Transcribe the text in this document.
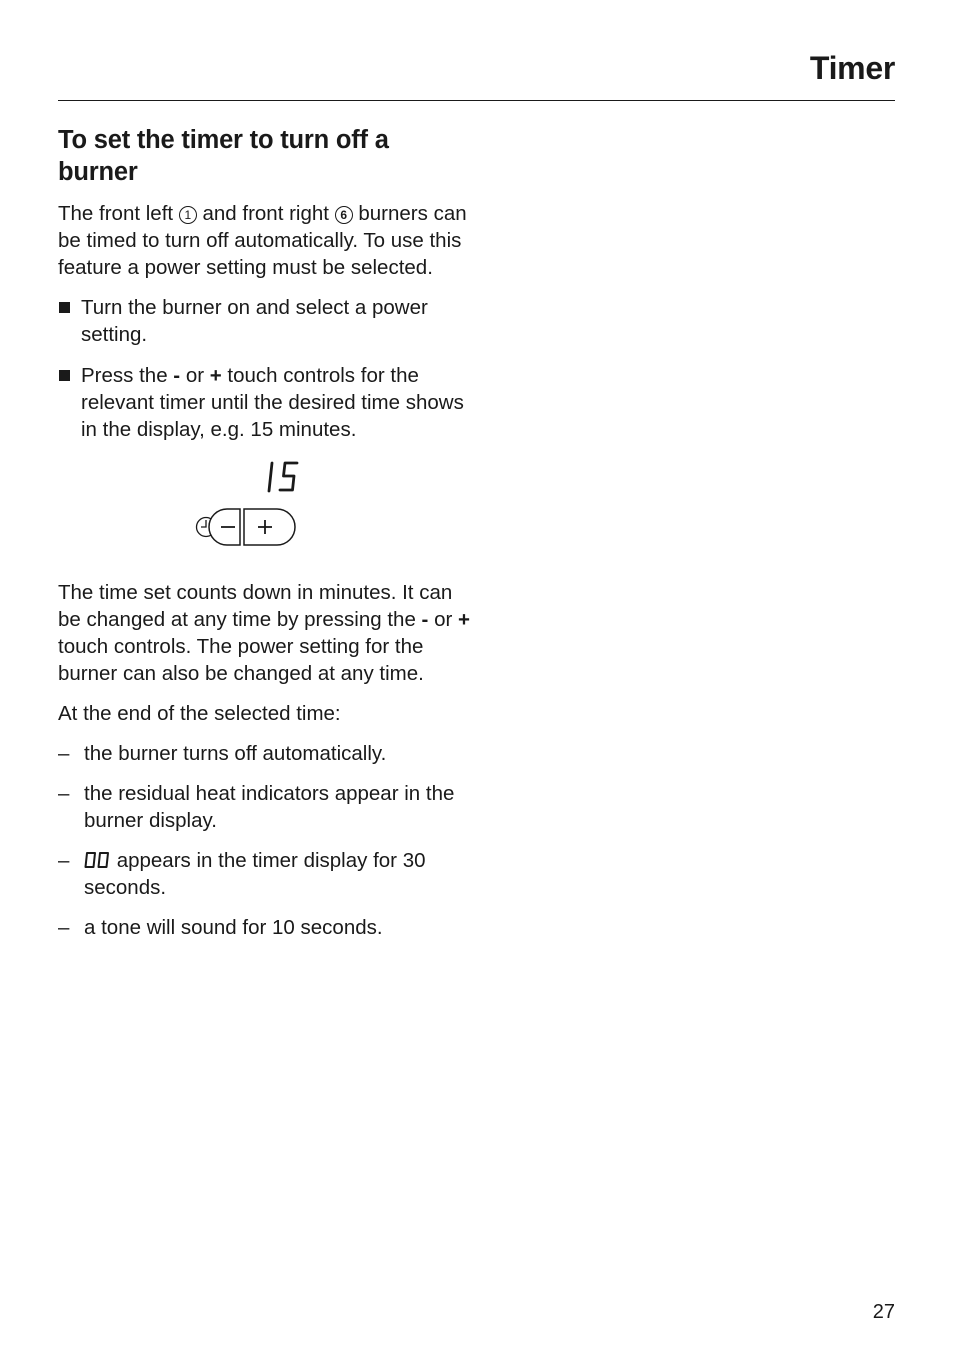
Timer
To set the timer to turn off a burner

The front left 1 and front right 6 burners can be timed to turn off automatically. To use this feature a power setting must be selected.

Turn the burner on and select a power setting.
Press the - or + touch controls for the relevant timer until the desired time shows in the display, e.g. 15 minutes.

The time set counts down in minutes. It can be changed at any time by pressing the - or + touch controls. The power setting for the burner can also be changed at any time.

At the end of the selected time:

– the burner turns off automatically.
– the residual heat indicators appear in the burner display.
– appears in the timer display for 30 seconds.
– a tone will sound for 10 seconds.
27
